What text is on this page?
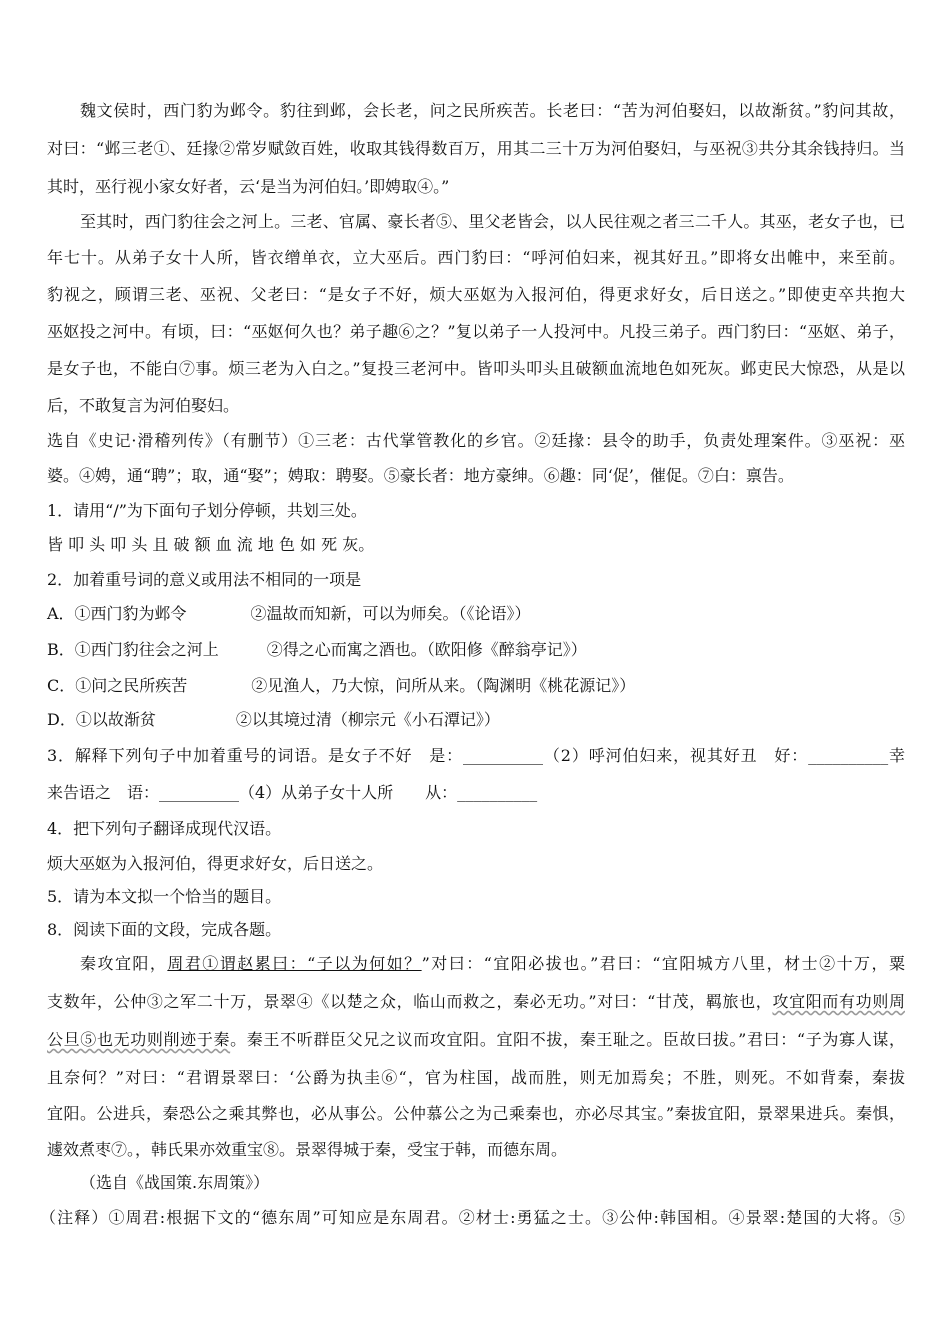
魏文侯时，西门豹为邺令。豹往到邺，会长老，问之民所疾苦。长老曰：“苦为河伯娶妇，以故渐贫。”豹问其故，
对曰：“邺三老①、廷掾②常岁赋敛百姓，收取其钱得数百万，用其二三十万为河伯娶妇，与巫祝③共分其余钱持归。当
其时，巫行视小家女好者，云‘是当为河伯妇。’即娉取④。”
至其时，西门豹往会之河上。三老、官属、豪长者⑤、里父老皆会，以人民往观之者三二千人。其巫，老女子也，已
年七十。从弟子女十人所，皆衣缯单衣，立大巫后。西门豹曰：“呼河伯妇来，视其好丑。”即将女出帷中，来至前。
豹视之，顾谓三老、巫祝、父老曰：“是女子不好，烦大巫妪为入报河伯，得更求好女，后日送之。”即使吏卒共抱大
巫妪投之河中。有顷，曰：“巫妪何久也？弟子趣⑥之？”复以弟子一人投河中。凡投三弟子。西门豹曰：“巫妪、弟子，
是女子也，不能白⑦事。烦三老为入白之。”复投三老河中。皆叩头叩头且破额血流地色如死灰。邺吏民大惊恐，从是以
后，不敢复言为河伯娶妇。
选自《史记·滑稽列传》（有删节）①三老：古代掌管教化的乡官。②廷掾：县令的助手，负责处理案件。③巫祝：巫
婆。④娉，通“聘”；取，通“娶”；娉取：聘娶。⑤豪长者：地方豪绅。⑥趣：同‘促’，催促。⑦白：禀告。
1．请用“/”为下面句子划分停顿，共划三处。
皆 叩 头 叩 头 且 破 额 血 流 地 色 如 死 灰。
2．加着重号词的意义或用法不相同的一项是
A．①西门豹为邺令　　　　②温故而知新，可以为师矣。（《论语》）
B．①西门豹往会之河上　　　②得之心而寓之酒也。（欧阳修《醉翁亭记》）
C．①问之民所疾苦　　　　②见渔人，乃大惊，问所从来。（陶渊明《桃花源记》）
D．①以故渐贫　　　　　②以其境过清（柳宗元《小石潭记》）
3．解释下列句子中加着重号的词语。是女子不好　是：__________（2）呼河伯妇来，视其好丑　好：__________幸
来告语之　语：__________（4）从弟子女十人所　　从：__________
4．把下列句子翻译成现代汉语。
烦大巫妪为入报河伯，得更求好女，后日送之。
5．请为本文拟一个恰当的题目。
8．阅读下面的文段，完成各题。
秦攻宜阳，周君①谓赵累曰：“子以为何如？”对曰：“宜阳必拔也。”君曰：“宜阳城方八里，材士②十万，粟
支数年，公仲③之军二十万，景翠④《以楚之众，临山而救之，秦必无功。”对曰：“甘茂，羁旅也，攻宜阳而有功则周
公旦⑤也无功则削迹于秦。秦王不听群臣父兄之议而攻宜阳。宜阳不拔，秦王耻之。臣故曰拔。”君曰：“子为寡人谋，
且奈何？”对曰：“君谓景翠曰：‘公爵为执圭⑥“，官为柱国，战而胜，则无加焉矣；不胜，则死。不如背秦，秦拔
宜阳。公进兵，秦恐公之乘其弊也，必从事公。公仲慕公之为己乘秦也，亦必尽其宝。”秦拔宜阳，景翠果进兵。秦惧，
遽效煮枣⑦。，韩氏果亦效重宝⑧。景翠得城于秦，受宝于韩，而德东周。
（选自《战国策.东周策》）
（注释）①周君:根据下文的“德东周”可知应是东周君。②材士:勇猛之士。③公仲:韩国相。④景翠:楚国的大将。⑤
